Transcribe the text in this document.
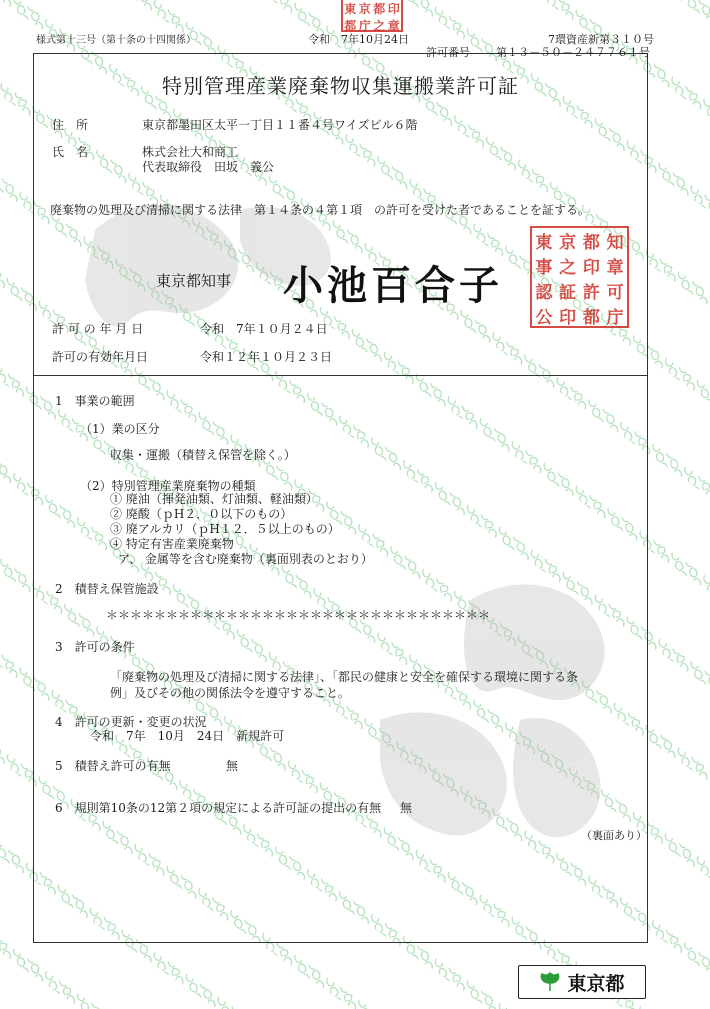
様式第十三号（第十条の十四関係）	令和　7年10月24日	7環資産新第３１０号
許可番号 第１３－５０－２４７７６１号
東 京 都 印
都 庁 之 章
特別管理産業廃棄物収集運搬業許可証
住　所	東京都墨田区太平一丁目１１番４号ワイズビル６階
氏　名	株式会社大和商工
代表取締役　田坂　義公
廃棄物の処理及び清掃に関する法律　第１４条の４第１項　の許可を受けた者であることを証する。
東京都知事 小池百合子
東 京 都 知
事 之 印 章
認 証 許 可
公 印 都 庁
許 可 の 年 月 日	令和　7年１０月２４日
許可の有効年月日	令和１２年１０月２３日
1　事業の範囲
（1）業の区分
収集・運搬（積替え保管を除く。）
（2）特別管理産業廃棄物の種類
① 廃油（揮発油類、灯油類、軽油類）
② 廃酸（ｐH２．０以下のもの）
③ 廃アルカリ（ｐH１２．５以上のもの）
④ 特定有害産業廃棄物
ア、 金属等を含む廃棄物（裏面別表のとおり）
2　積替え保管施設
＊＊＊＊＊＊＊＊＊＊＊＊＊＊＊＊＊＊＊＊＊＊＊＊＊＊＊＊＊＊＊＊
3　許可の条件
「廃棄物の処理及び清掃に関する法律」、「都民の健康と安全を確保する環境に関する条
例」及びその他の関係法令を遵守すること。
4　許可の更新・変更の状況
令和　7年　10月　24日　新規許可
5　積替え許可の有無	無
6　規則第10条の12第２項の規定による許可証の提出の有無 無
（裏面あり）
東京都
